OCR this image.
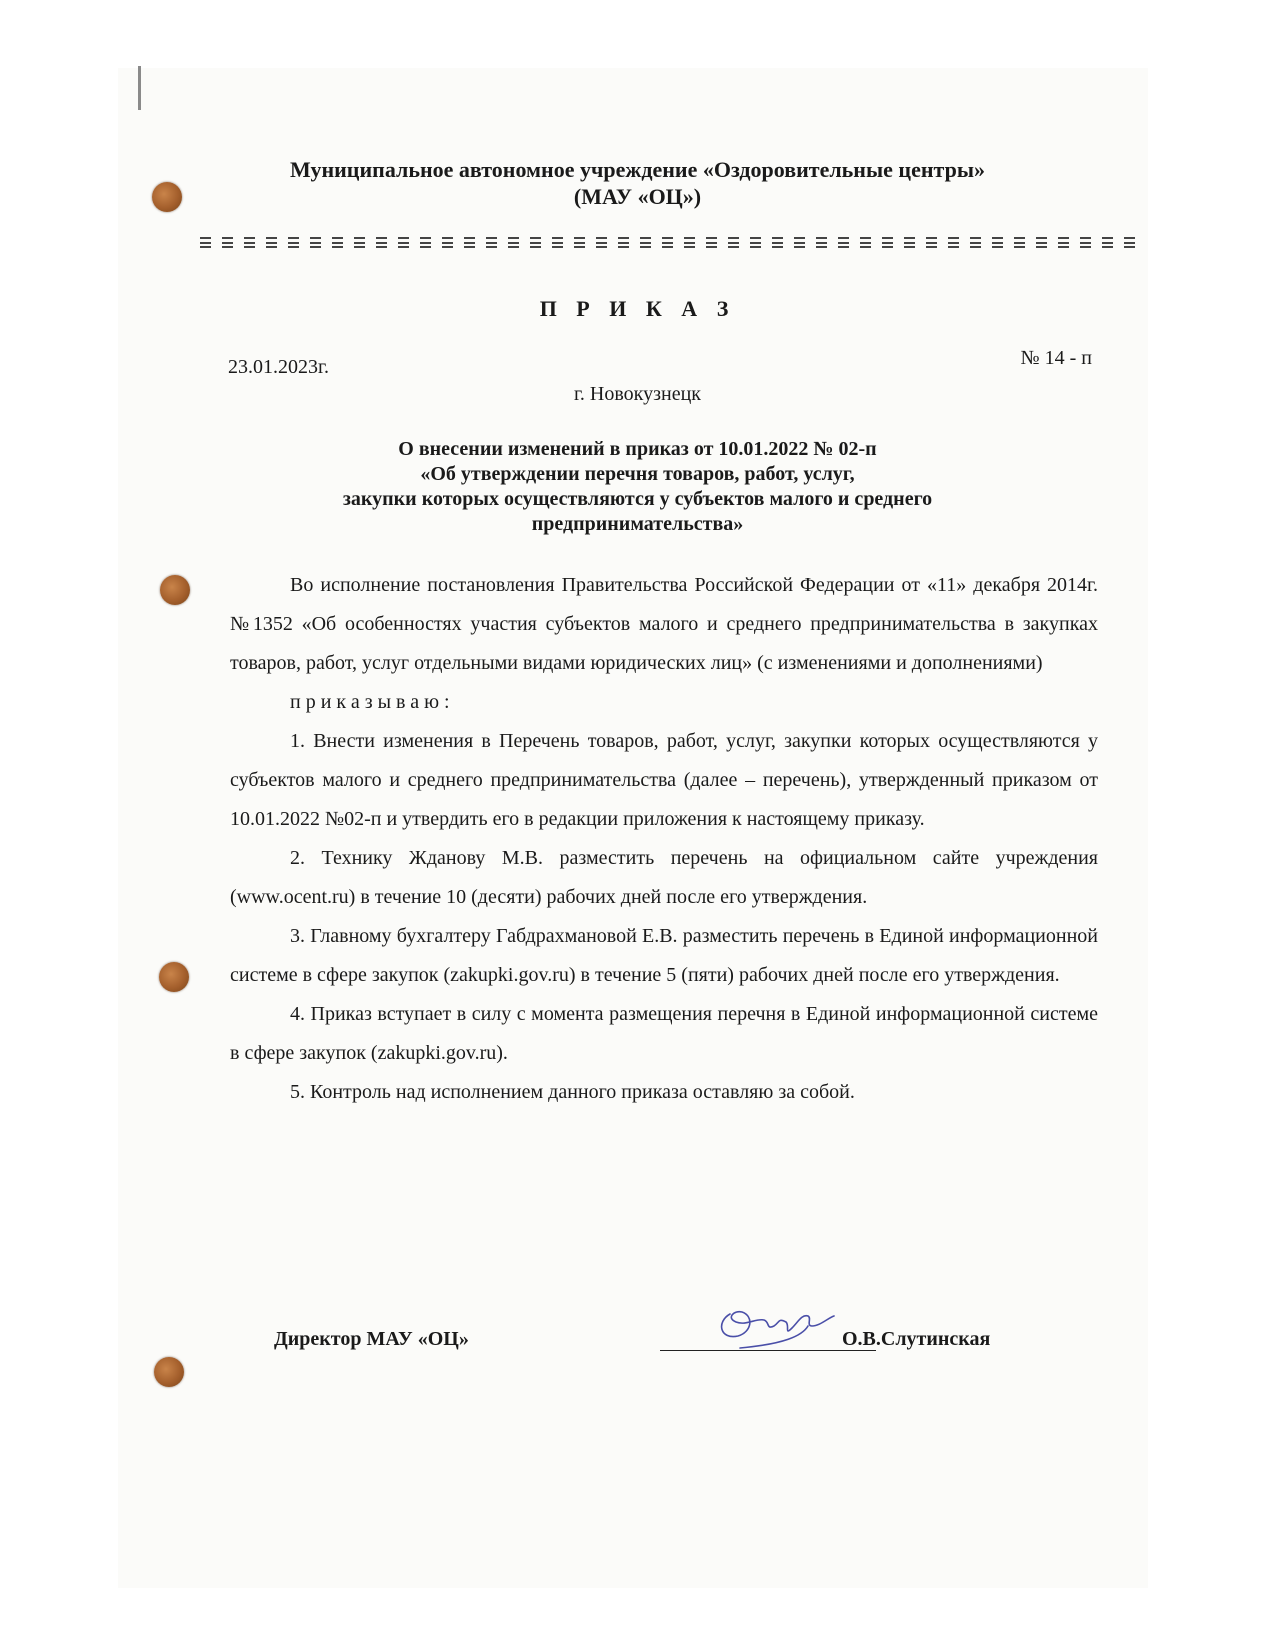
Муниципальное автономное учреждение «Оздоровительные центры»
(МАУ «ОЦ»)
П Р И К А З
23.01.2023г.	№ 14 - п
г. Новокузнецк
О внесении изменений в приказ от 10.01.2022 № 02-п
«Об утверждении перечня товаров, работ, услуг,
закупки которых осуществляются у субъектов малого и среднего
предпринимательства»

Во исполнение постановления Правительства Российской Федерации от «11» декабря 2014г. №1352 «Об особенностях участия субъектов малого и среднего предпринимательства в закупках товаров, работ, услуг отдельными видами юридических лиц» (с изменениями и дополнениями)

приказываю:

1. Внести изменения в Перечень товаров, работ, услуг, закупки которых осуществляются у субъектов малого и среднего предпринимательства (далее – перечень), утвержденный приказом от 10.01.2022 №02-п и утвердить его в редакции приложения к настоящему приказу.

2. Технику Жданову М.В. разместить перечень на официальном сайте учреждения (www.ocent.ru) в течение 10 (десяти) рабочих дней после его утверждения.

3. Главному бухгалтеру Габдрахмановой Е.В. разместить перечень в Единой информационной системе в сфере закупок (zakupki.gov.ru) в течение 5 (пяти) рабочих дней после его утверждения.

4. Приказ вступает в силу с момента размещения перечня в Единой информационной системе в сфере закупок (zakupki.gov.ru).

5. Контроль над исполнением данного приказа оставляю за собой.

Директор МАУ «ОЦ»	О.В.Слутинская
